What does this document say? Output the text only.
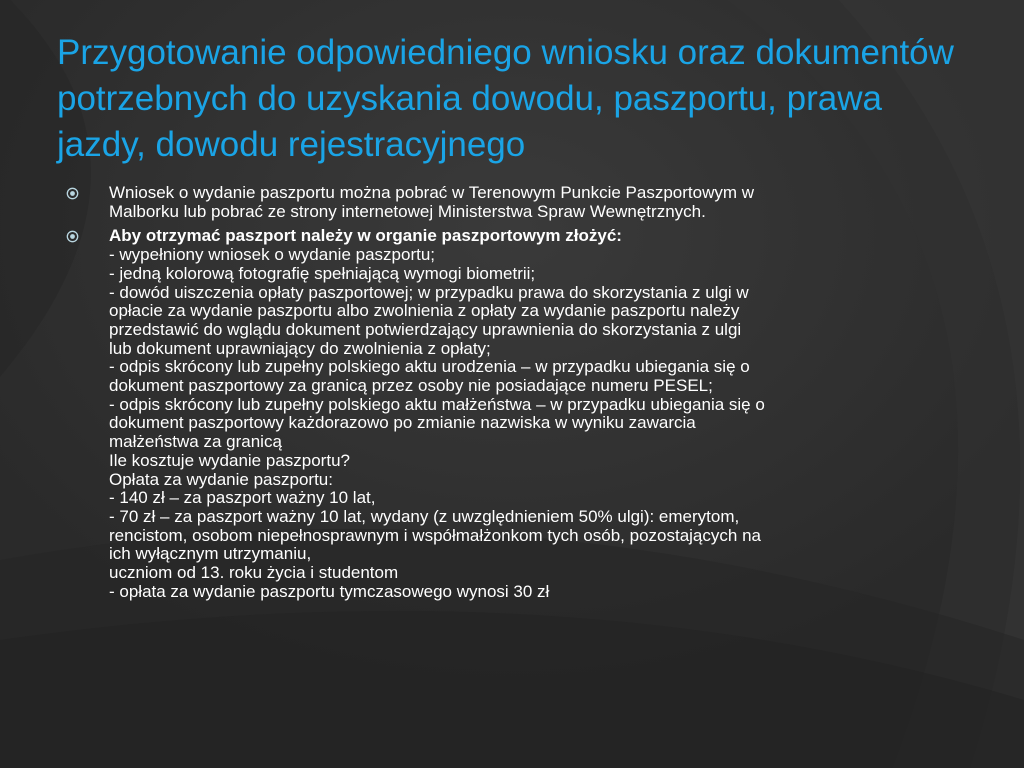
Przygotowanie odpowiedniego wniosku oraz dokumentów potrzebnych do uzyskania dowodu, paszportu, prawa jazdy, dowodu rejestracyjnego
Wniosek o wydanie paszportu można pobrać w Terenowym Punkcie Paszportowym w
Malborku lub pobrać ze strony internetowej Ministerstwa Spraw Wewnętrznych.
Aby otrzymać paszport należy w organie paszportowym złożyć:
- wypełniony wniosek o wydanie paszportu;
- jedną kolorową fotografię spełniającą wymogi biometrii;
- dowód uiszczenia opłaty paszportowej; w przypadku prawa do skorzystania z ulgi w
opłacie za wydanie paszportu albo zwolnienia z opłaty za wydanie paszportu należy
przedstawić do wglądu dokument potwierdzający uprawnienia do skorzystania z ulgi
lub dokument uprawniający do zwolnienia z opłaty;
- odpis skrócony lub zupełny polskiego aktu urodzenia – w przypadku ubiegania się o
dokument paszportowy za granicą przez osoby nie posiadające numeru PESEL;
- odpis skrócony lub zupełny polskiego aktu małżeństwa – w przypadku ubiegania się o
dokument paszportowy każdorazowo po zmianie nazwiska w wyniku zawarcia
małżeństwa za granicą
Ile kosztuje wydanie paszportu?
Opłata za wydanie paszportu:
- 140 zł – za paszport ważny 10 lat,
- 70 zł – za paszport ważny 10 lat, wydany (z uwzględnieniem 50% ulgi): emerytom,
rencistom, osobom niepełnosprawnym i współmałżonkom tych osób, pozostających na
ich wyłącznym utrzymaniu,
uczniom od 13. roku życia i studentom
- opłata za wydanie paszportu tymczasowego wynosi 30 zł
